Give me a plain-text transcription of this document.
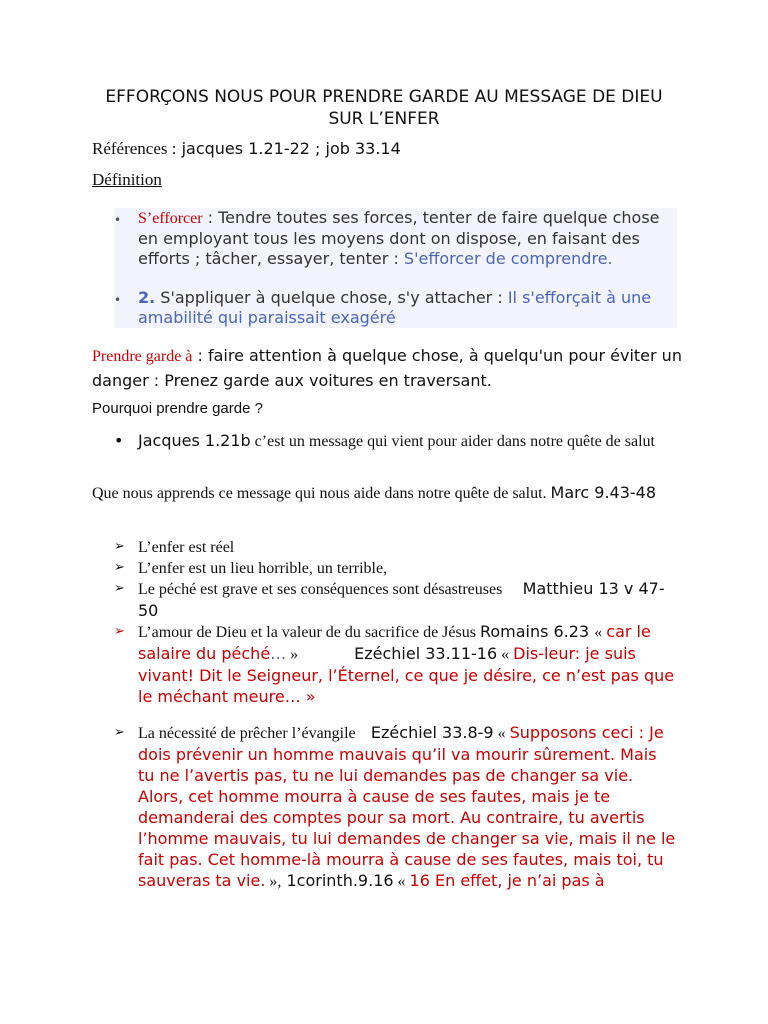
EFFORÇONS NOUS POUR PRENDRE GARDE AU MESSAGE DE DIEU SUR L’ENFER
Références : jacques 1.21-22 ; job 33.14
Définition
• S’efforcer : Tendre toutes ses forces, tenter de faire quelque chose en employant tous les moyens dont on dispose, en faisant des efforts ; tâcher, essayer, tenter : S'efforcer de comprendre.
• 2. S'appliquer à quelque chose, s'y attacher : Il s'efforçait à une amabilité qui paraissait exagéré
Prendre garde à : faire attention à quelque chose, à quelqu'un pour éviter un danger : Prenez garde aux voitures en traversant.
Pourquoi prendre garde ?
• Jacques 1.21b c’est un message qui vient pour aider dans notre quête de salut
Que nous apprends ce message qui nous aide dans notre quête de salut. Marc 9.43-48
➢ L’enfer est réel
➢ L’enfer est un lieu horrible, un terrible,
➢ Le péché est grave et ses conséquences sont désastreuses Matthieu 13 v 47-50
➢ L’amour de Dieu et la valeur de du sacrifice de Jésus Romains 6.23 « car le salaire du péché… »	Ezéchiel 33.11-16 « Dis-leur: je suis vivant! Dit le Seigneur, l’Éternel, ce que je désire, ce n’est pas que le méchant meure… »
➢ La nécessité de prêcher l’évangile Ezéchiel 33.8-9 « Supposons ceci : Je dois prévenir un homme mauvais qu’il va mourir sûrement. Mais tu ne l’avertis pas, tu ne lui demandes pas de changer sa vie. Alors, cet homme mourra à cause de ses fautes, mais je te demanderai des comptes pour sa mort. Au contraire, tu avertis l’homme mauvais, tu lui demandes de changer sa vie, mais il ne le fait pas. Cet homme-là mourra à cause de ses fautes, mais toi, tu sauveras ta vie. », 1corinth.9.16 « 16 En effet, je n’ai pas à
